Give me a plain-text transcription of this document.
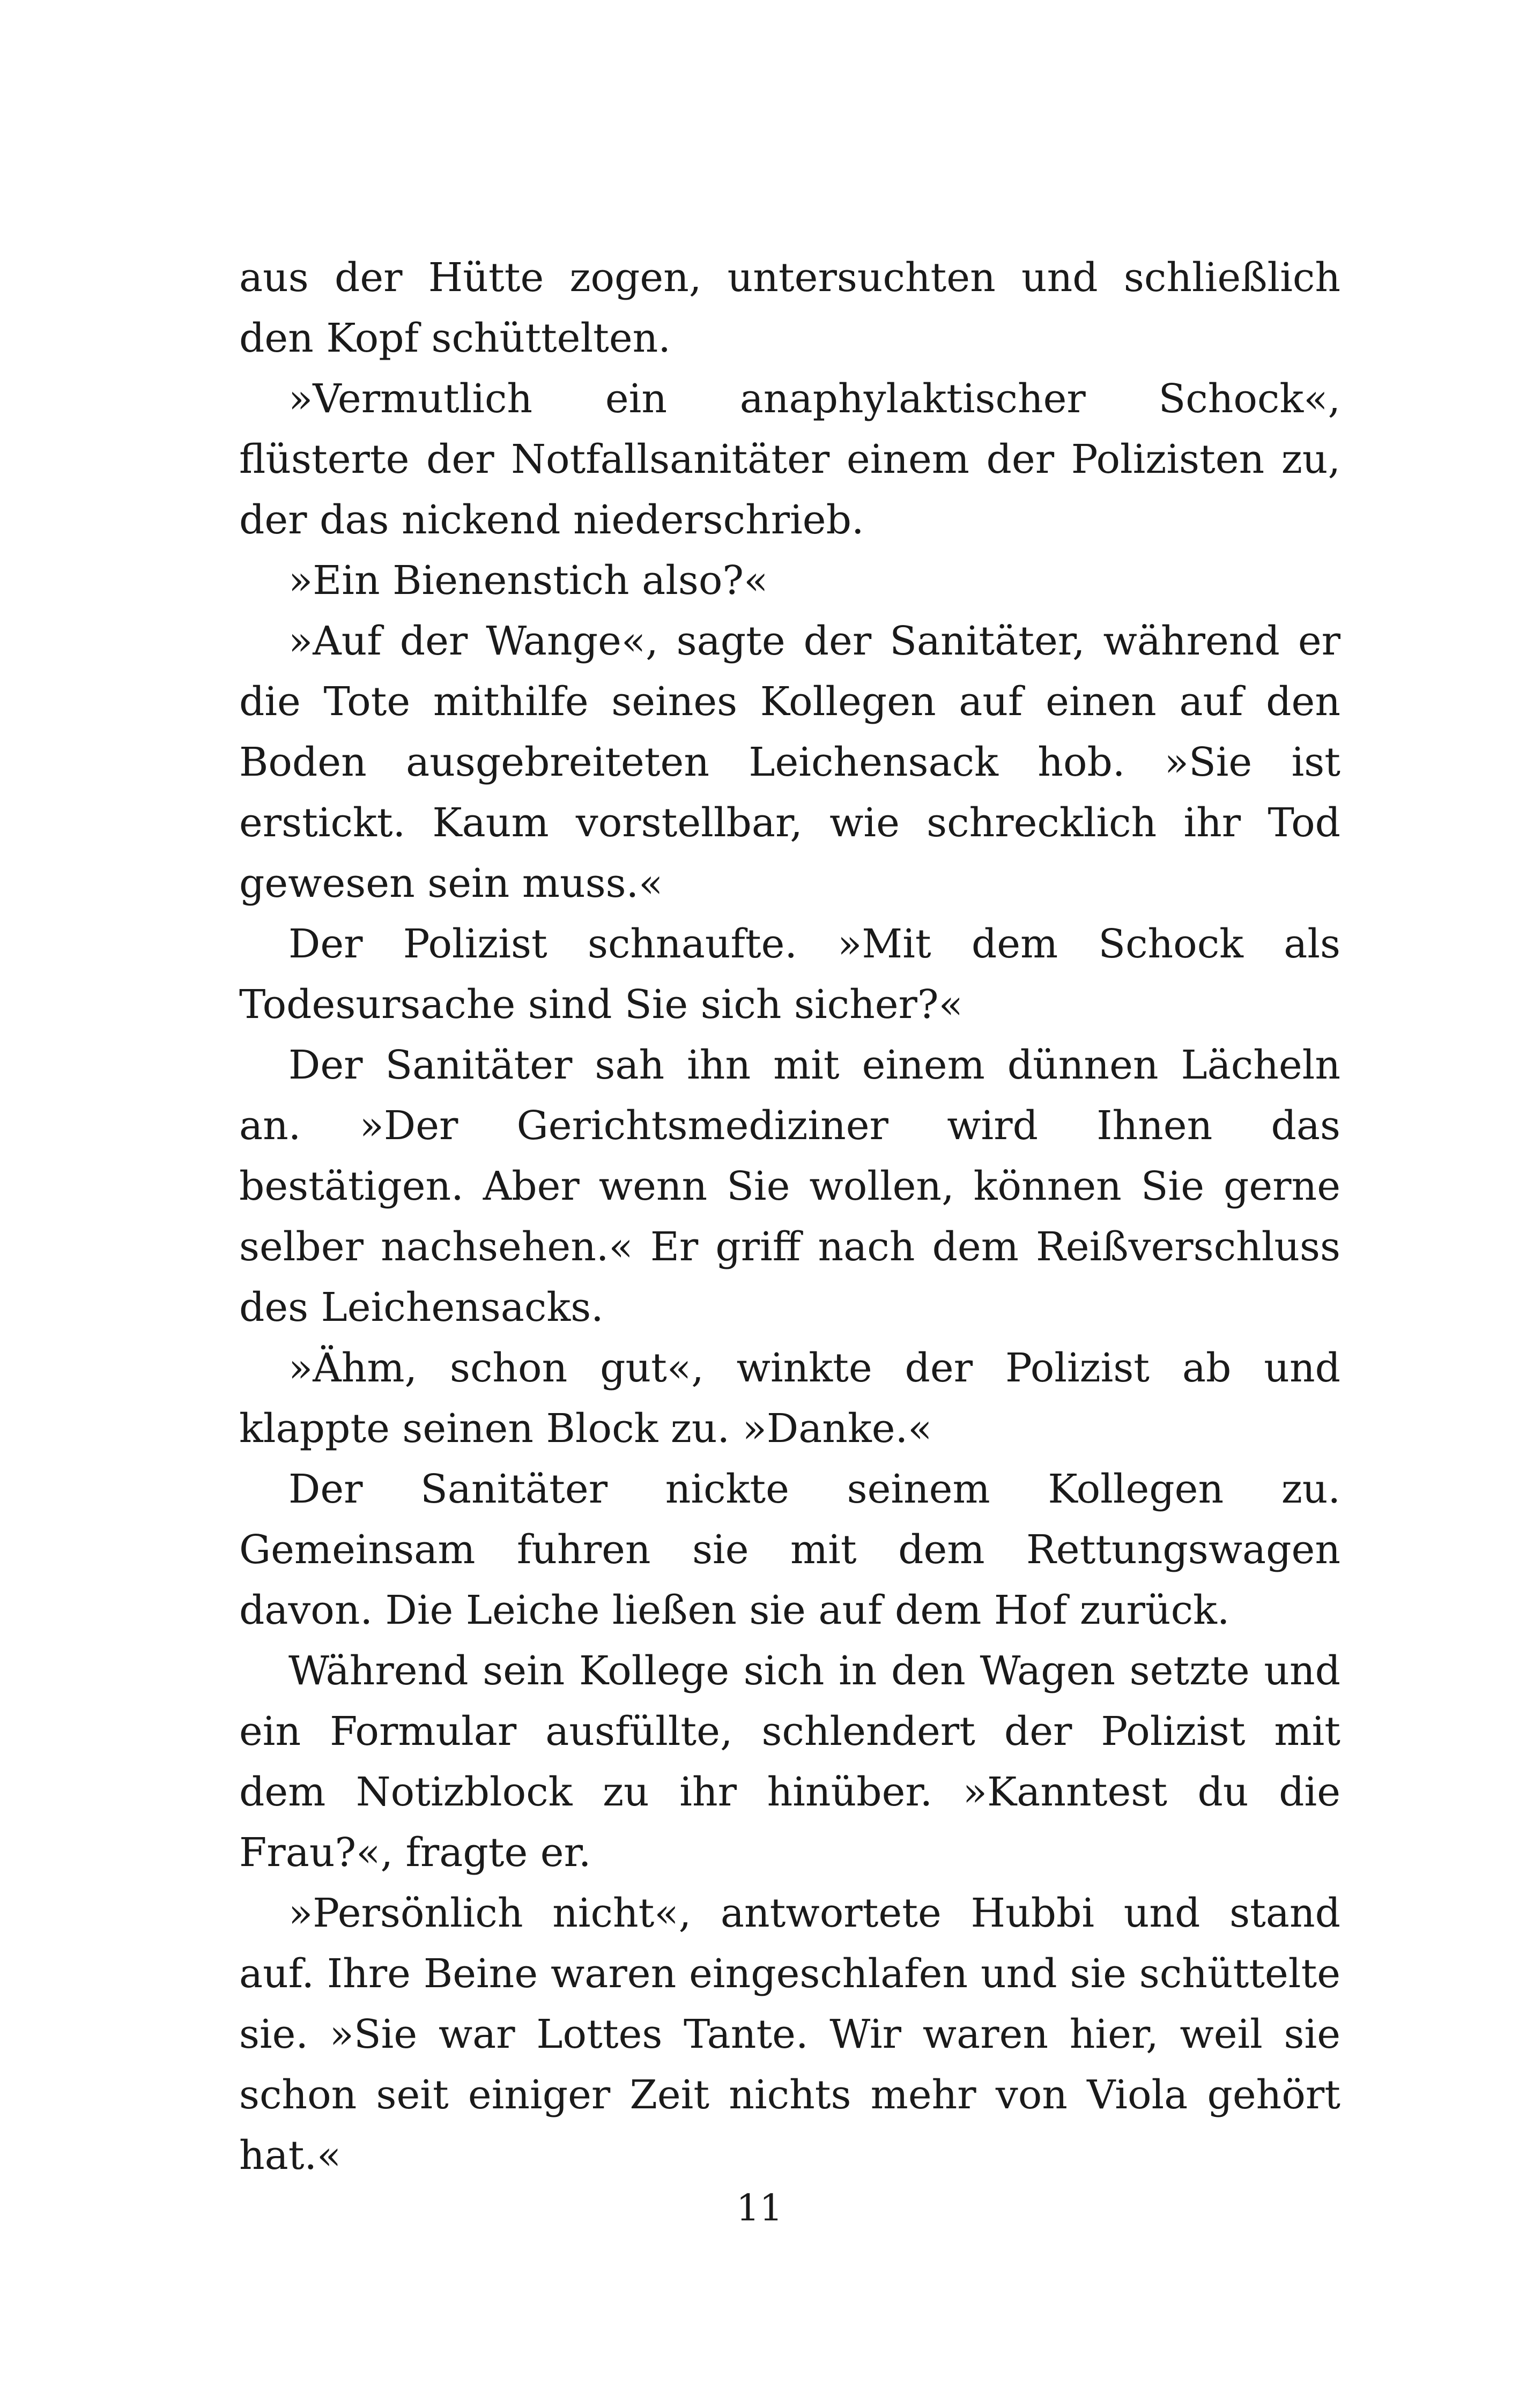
aus der Hütte zogen, untersuchten und schließlich den Kopf schüttelten.

»Vermutlich ein anaphylaktischer Schock«, flüsterte der Notfallsanitäter einem der Polizisten zu, der das nickend niederschrieb.

»Ein Bienenstich also?«

»Auf der Wange«, sagte der Sanitäter, während er die Tote mithilfe seines Kollegen auf einen auf den Boden ausgebreiteten Leichensack hob. »Sie ist erstickt. Kaum vorstellbar, wie schrecklich ihr Tod gewesen sein muss.«

Der Polizist schnaufte. »Mit dem Schock als Todesursache sind Sie sich sicher?«

Der Sanitäter sah ihn mit einem dünnen Lächeln an. »Der Gerichtsmediziner wird Ihnen das bestätigen. Aber wenn Sie wollen, können Sie gerne selber nachsehen.« Er griff nach dem Reißverschluss des Leichensacks.

»Ähm, schon gut«, winkte der Polizist ab und klappte seinen Block zu. »Danke.«

Der Sanitäter nickte seinem Kollegen zu. Gemeinsam fuhren sie mit dem Rettungswagen davon. Die Leiche ließen sie auf dem Hof zurück.

Während sein Kollege sich in den Wagen setzte und ein Formular ausfüllte, schlendert der Polizist mit dem Notizblock zu ihr hinüber. »Kanntest du die Frau?«, fragte er.

»Persönlich nicht«, antwortete Hubbi und stand auf. Ihre Beine waren eingeschlafen und sie schüttelte sie. »Sie war Lottes Tante. Wir waren hier, weil sie schon seit einiger Zeit nichts mehr von Viola gehört hat.«

11
